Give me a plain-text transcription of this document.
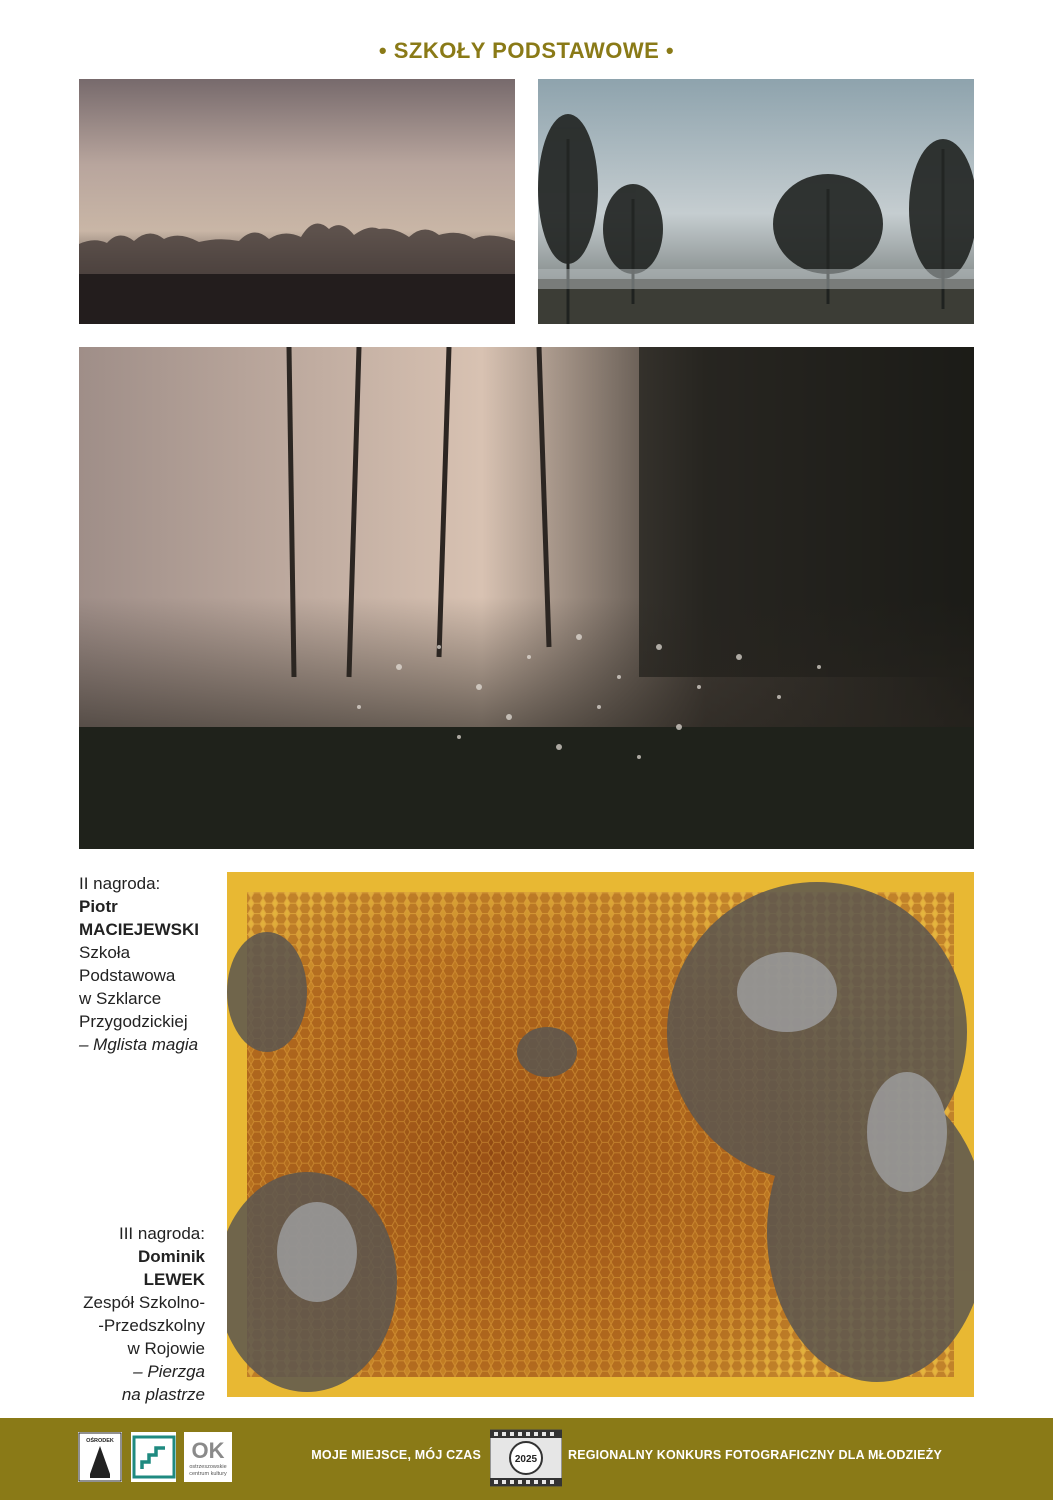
• SZKOŁY PODSTAWOWE •
II nagroda:
Piotr
MACIEJEWSKI
Szkoła
Podstawowa
w Szklarce
Przygodzickiej
– Mglista magia
III nagroda:
Dominik
LEWEK
Zespół Szkolno-
-Przedszkolny
w Rojowie
– Pierzga
na plastrze
MOJE MIEJSCE, MÓJ CZAS	REGIONALNY KONKURS FOTOGRAFICZNY DLA MŁODZIEŻY
OŚRODEK	OK
ostrzeszowskie
centrum kultury
2025
